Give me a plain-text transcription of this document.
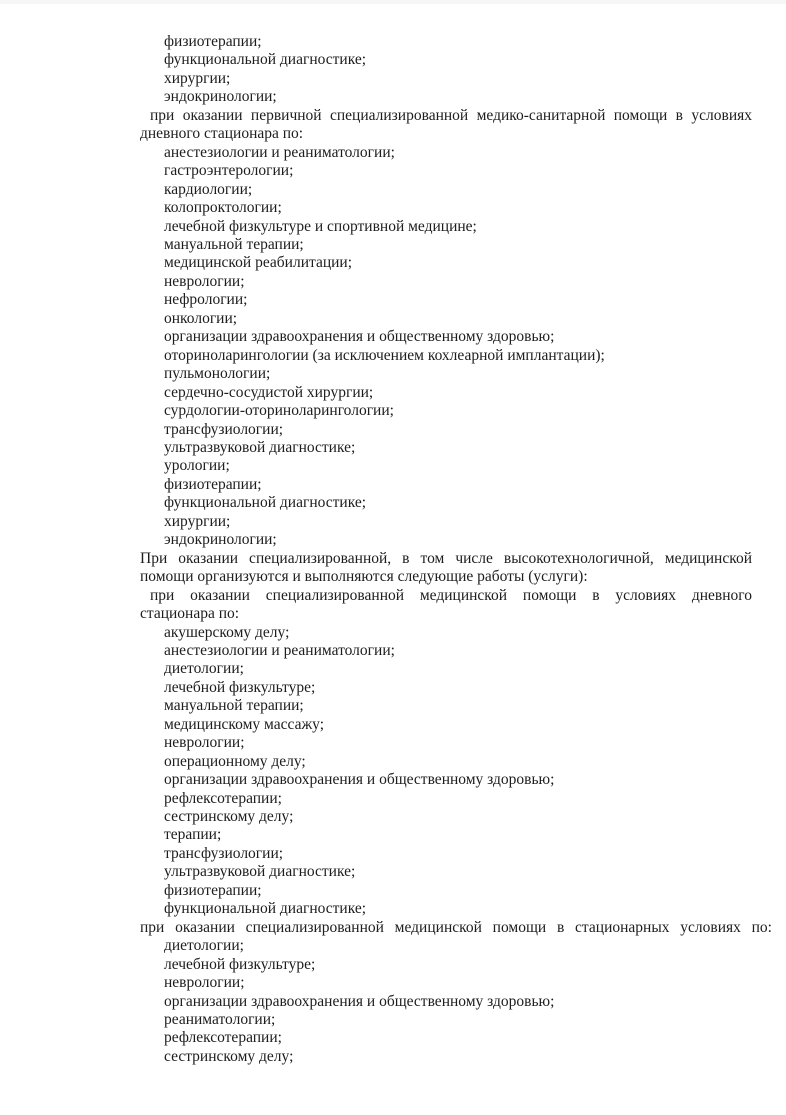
физиотерапии;
функциональной диагностике;
хирургии;
эндокринологии;
при оказании первичной специализированной медико-санитарной помощи в условиях
дневного стационара по:
анестезиологии и реаниматологии;
гастроэнтерологии;
кардиологии;
колопроктологии;
лечебной физкультуре и спортивной медицине;
мануальной терапии;
медицинской реабилитации;
неврологии;
нефрологии;
онкологии;
организации здравоохранения и общественному здоровью;
оториноларингологии (за исключением кохлеарной имплантации);
пульмонологии;
сердечно-сосудистой хирургии;
сурдологии-оториноларингологии;
трансфузиологии;
ультразвуковой диагностике;
урологии;
физиотерапии;
функциональной диагностике;
хирургии;
эндокринологии;
При оказании специализированной, в том числе высокотехнологичной, медицинской
помощи организуются и выполняются следующие работы (услуги):
при оказании специализированной медицинской помощи в условиях дневного
стационара по:
акушерскому делу;
анестезиологии и реаниматологии;
диетологии;
лечебной физкультуре;
мануальной терапии;
медицинскому массажу;
неврологии;
операционному делу;
организации здравоохранения и общественному здоровью;
рефлексотерапии;
сестринскому делу;
терапии;
трансфузиологии;
ультразвуковой диагностике;
физиотерапии;
функциональной диагностике;
при оказании специализированной медицинской помощи в стационарных условиях по:
диетологии;
лечебной физкультуре;
неврологии;
организации здравоохранения и общественному здоровью;
реаниматологии;
рефлексотерапии;
сестринскому делу;
